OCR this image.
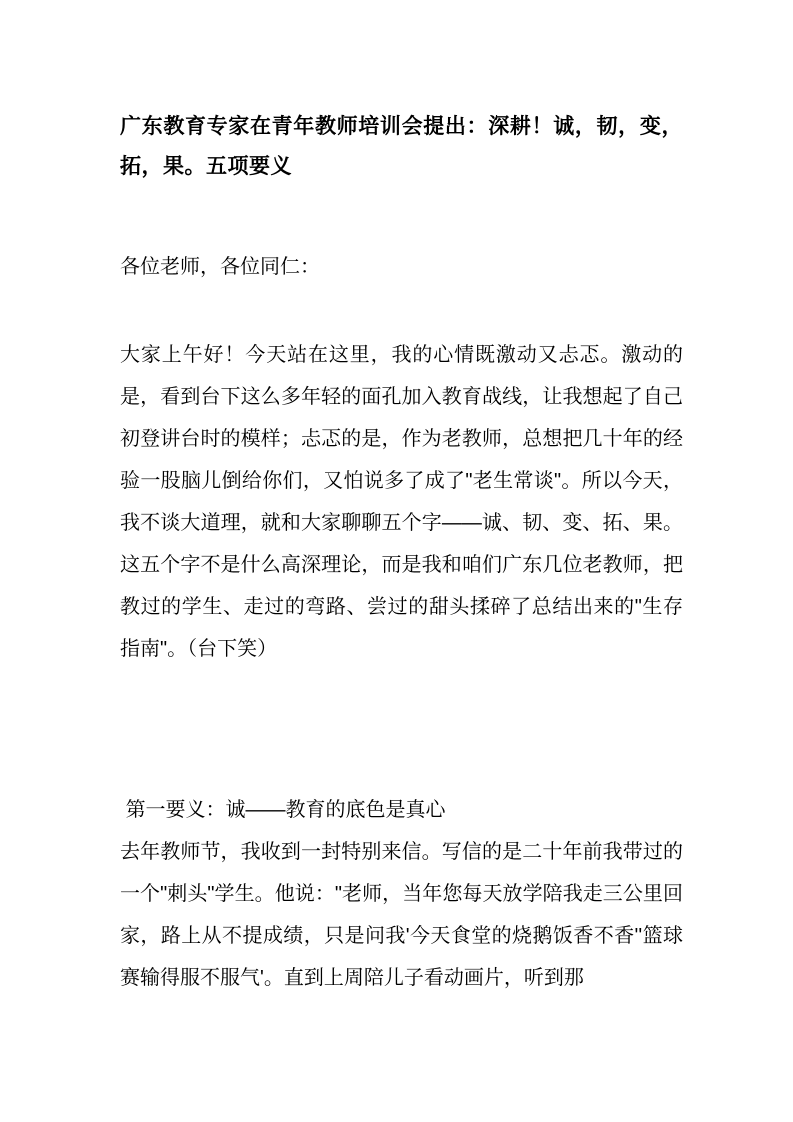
广东教育专家在青年教师培训会提出：深耕！诚，韧，变，拓，果。五项要义

各位老师，各位同仁：

大家上午好！今天站在这里，我的心情既激动又忐忑。激动的是，看到台下这么多年轻的面孔加入教育战线，让我想起了自己初登讲台时的模样；忐忑的是，作为老教师，总想把几十年的经验一股脑儿倒给你们，又怕说多了成了"老生常谈"。所以今天，我不谈大道理，就和大家聊聊五个字——诚、韧、变、拓、果。这五个字不是什么高深理论，而是我和咱们广东几位老教师，把教过的学生、走过的弯路、尝过的甜头揉碎了总结出来的"生存指南"。（台下笑）

第一要义：诚——教育的底色是真心

去年教师节，我收到一封特别来信。写信的是二十年前我带过的一个"刺头"学生。他说："老师，当年您每天放学陪我走三公里回家，路上从不提成绩，只是问我'今天食堂的烧鹅饭香不香''篮球赛输得服不服气'。直到上周陪儿子看动画片，听到那
